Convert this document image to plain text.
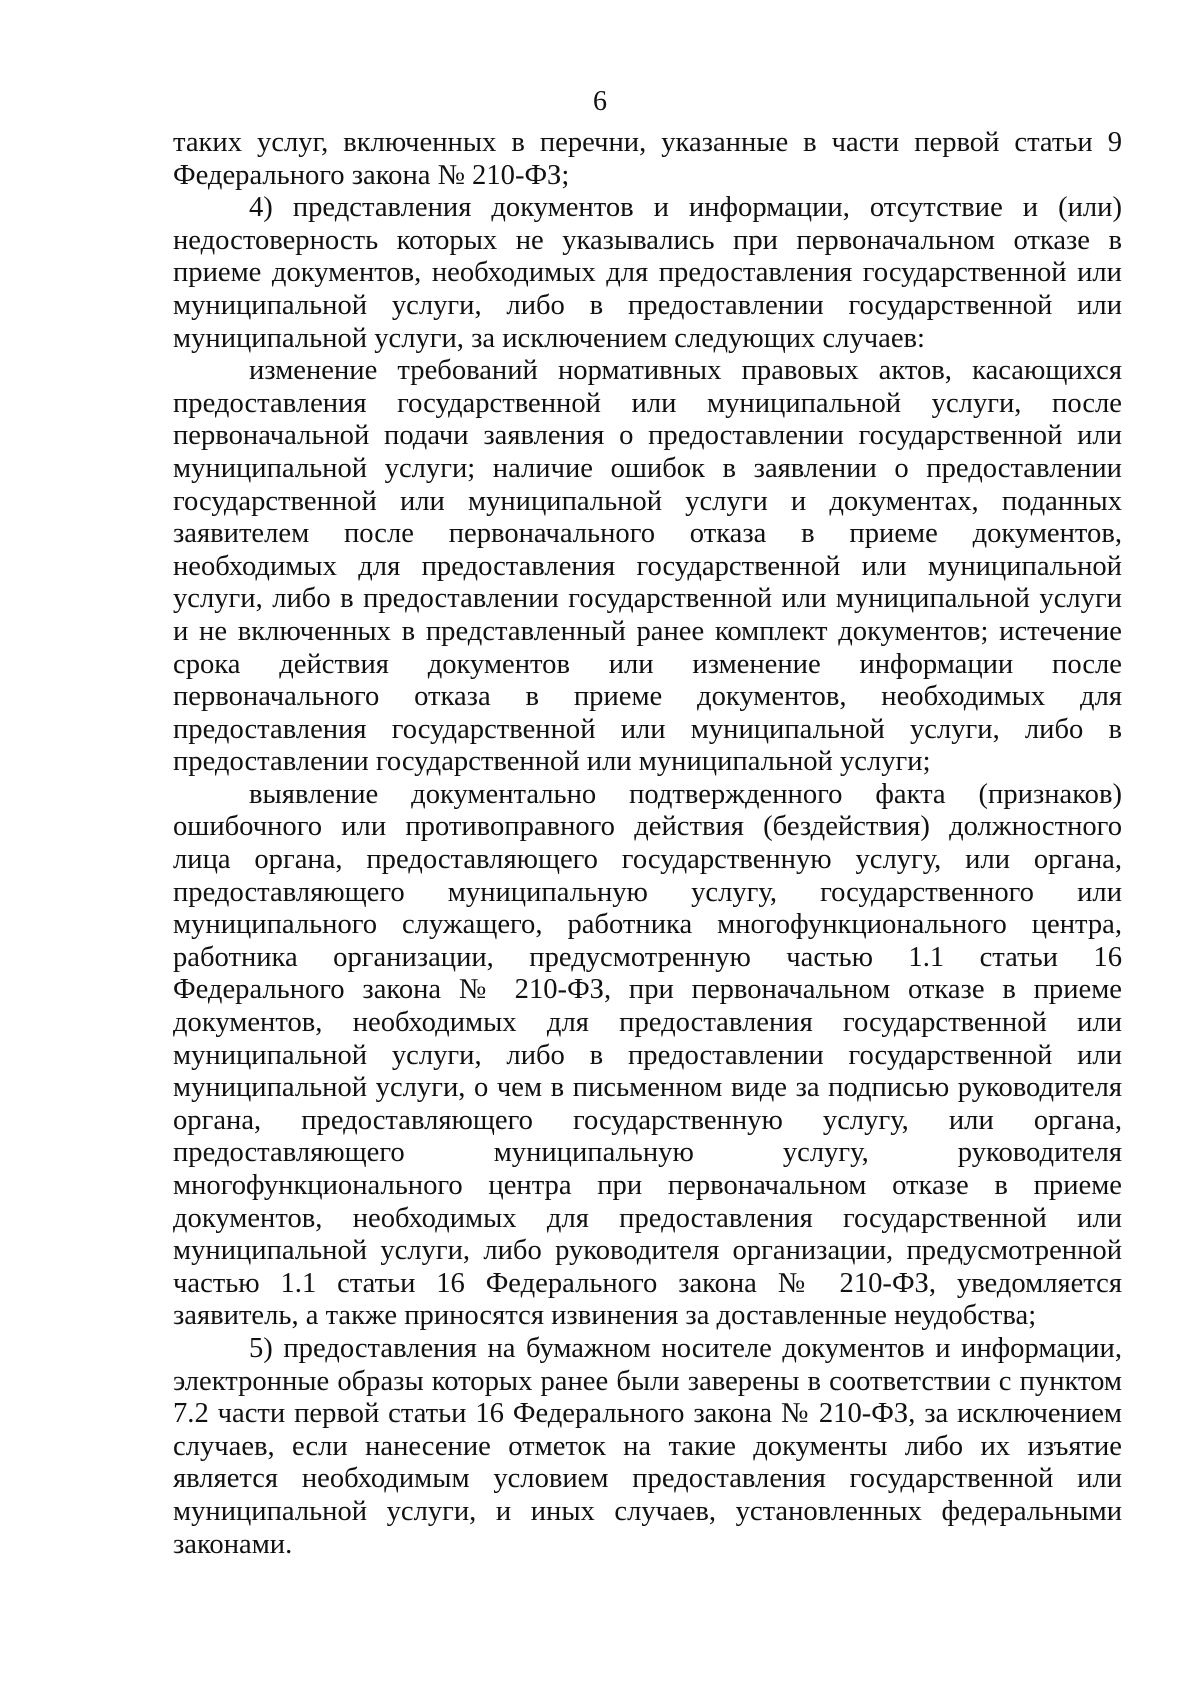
6

таких услуг, включенных в перечни, указанные в части первой статьи 9 Федерального закона № 210-ФЗ;

4) представления документов и информации, отсутствие и (или) недостоверность которых не указывались при первоначальном отказе в приеме документов, необходимых для предоставления государственной или муниципальной услуги, либо в предоставлении государственной или муниципальной услуги, за исключением следующих случаев:

изменение требований нормативных правовых актов, касающихся предоставления государственной или муниципальной услуги, после первоначальной подачи заявления о предоставлении государственной или муниципальной услуги; наличие ошибок в заявлении о предоставлении государственной или муниципальной услуги и документах, поданных заявителем после первоначального отказа в приеме документов, необходимых для предоставления государственной или муниципальной услуги, либо в предоставлении государственной или муниципальной услуги и не включенных в представленный ранее комплект документов; истечение срока действия документов или изменение информации после первоначального отказа в приеме документов, необходимых для предоставления государственной или муниципальной услуги, либо в предоставлении государственной или муниципальной услуги;

выявление документально подтвержденного факта (признаков) ошибочного или противоправного действия (бездействия) должностного лица органа, предоставляющего государственную услугу, или органа, предоставляющего муниципальную услугу, государственного или муниципального служащего, работника многофункционального центра, работника организации, предусмотренную частью 1.1 статьи 16 Федерального закона № 210-ФЗ, при первоначальном отказе в приеме документов, необходимых для предоставления государственной или муниципальной услуги, либо в предоставлении государственной или муниципальной услуги, о чем в письменном виде за подписью руководителя органа, предоставляющего государственную услугу, или органа, предоставляющего муниципальную услугу, руководителя многофункционального центра при первоначальном отказе в приеме документов, необходимых для предоставления государственной или муниципальной услуги, либо руководителя организации, предусмотренной частью 1.1 статьи 16 Федерального закона № 210-ФЗ, уведомляется заявитель, а также приносятся извинения за доставленные неудобства;

5) предоставления на бумажном носителе документов и информации, электронные образы которых ранее были заверены в соответствии с пунктом 7.2 части первой статьи 16 Федерального закона № 210-ФЗ, за исключением случаев, если нанесение отметок на такие документы либо их изъятие является необходимым условием предоставления государственной или муниципальной услуги, и иных случаев, установленных федеральными законами.
